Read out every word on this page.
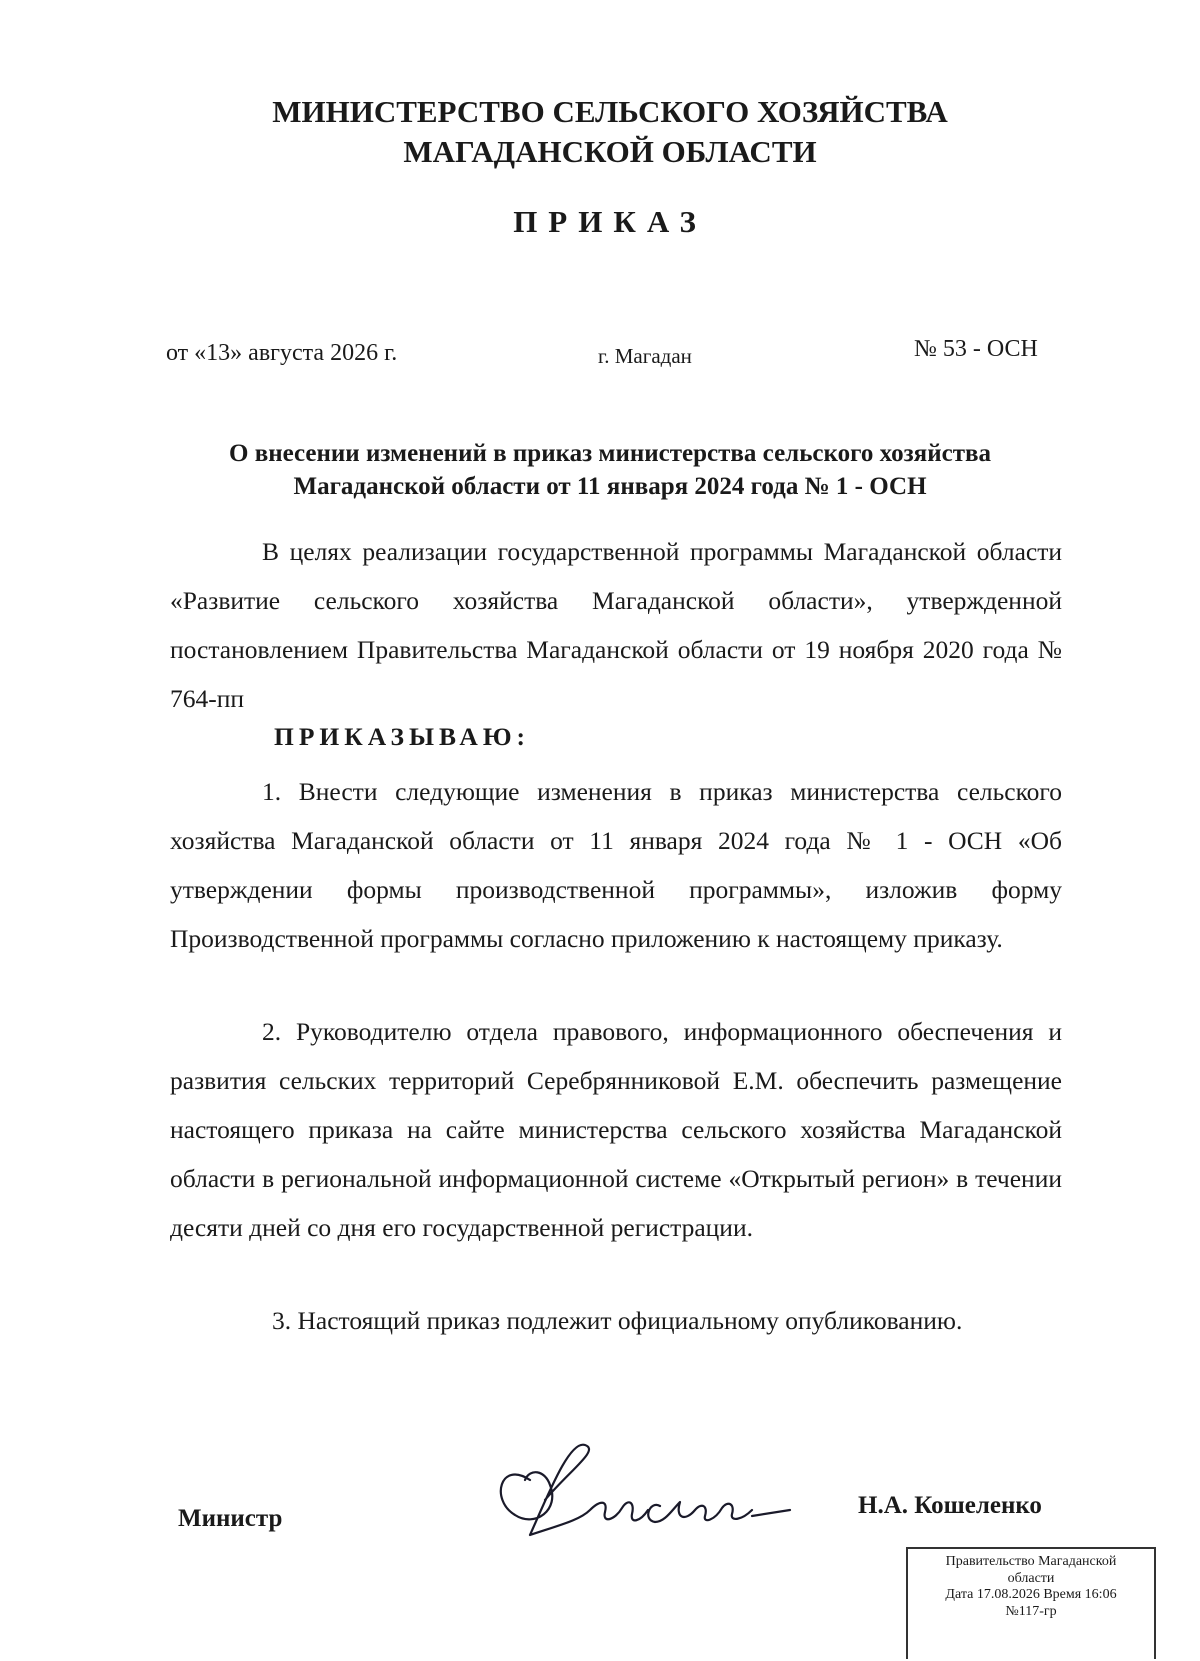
МИНИСТЕРСТВО СЕЛЬСКОГО ХОЗЯЙСТВА
МАГАДАНСКОЙ ОБЛАСТИ
ПРИКАЗ
от «13» августа 2026 г.	г. Магадан	№ 53 - ОСН
О внесении изменений в приказ министерства сельского хозяйства
Магаданской области от 11 января 2024 года № 1 - ОСН

В целях реализации государственной программы Магаданской области «Развитие сельского хозяйства Магаданской области», утвержденной постановлением Правительства Магаданской области от 19 ноября 2020 года № 764-пп

ПРИКАЗЫВАЮ:

1. Внести следующие изменения в приказ министерства сельского хозяйства Магаданской области от 11 января 2024 года № 1 - ОСН «Об утверждении формы производственной программы», изложив форму Производственной программы согласно приложению к настоящему приказу.

2. Руководителю отдела правового, информационного обеспечения и развития сельских территорий Серебрянниковой Е.М. обеспечить размещение настоящего приказа на сайте министерства сельского хозяйства Магаданской области в региональной информационной системе «Открытый регион» в течении десяти дней со дня его государственной регистрации.

3. Настоящий приказ подлежит официальному опубликованию.

Министр	Н.А. Кошеленко
Правительство Магаданской
области
Дата 17.08.2026 Время 16:06
№117-гр
